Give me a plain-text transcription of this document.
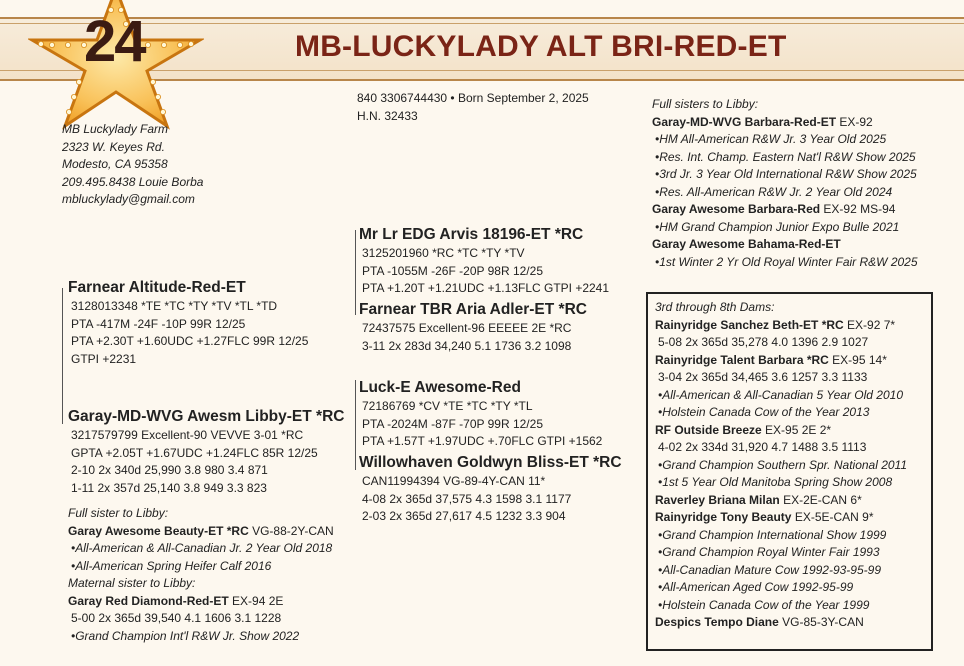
MB-LUCKYLADY ALT BRI-RED-ET
24
MB Luckylady Farm
2323 W. Keyes Rd.
Modesto, CA 95358
209.495.8438 Louie Borba
mbluckylady@gmail.com
840 3306744430 • Born September 2, 2025
H.N. 32433
Farnear Altitude-Red-ET
3128013348 *TE *TC *TY *TV *TL *TD
PTA -417M -24F -10P 99R 12/25
PTA +2.30T +1.60UDC +1.27FLC 99R 12/25
GTPI +2231
Garay-MD-WVG Awesm Libby-ET *RC
3217579799 Excellent-90 VEVVE 3-01 *RC
GPTA +2.05T +1.67UDC +1.24FLC 85R 12/25
2-10 2x 340d 25,990 3.8 980 3.4 871
1-11 2x 357d 25,140 3.8 949 3.3 823
Full sister to Libby:
Garay Awesome Beauty-ET *RC VG-88-2Y-CAN
•All-American & All-Canadian Jr. 2 Year Old 2018
•All-American Spring Heifer Calf 2016
Maternal sister to Libby:
Garay Red Diamond-Red-ET EX-94 2E
5-00 2x 365d 39,540 4.1 1606 3.1 1228
•Grand Champion Int'l R&W Jr. Show 2022
Mr Lr EDG Arvis 18196-ET *RC
3125201960 *RC *TC *TY *TV
PTA -1055M -26F -20P 98R 12/25
PTA +1.20T +1.21UDC +1.13FLC GTPI +2241
Farnear TBR Aria Adler-ET *RC
72437575 Excellent-96 EEEEE 2E *RC
3-11 2x 283d 34,240 5.1 1736 3.2 1098
Luck-E Awesome-Red
72186769 *CV *TE *TC *TY *TL
PTA -2024M -87F -70P 99R 12/25
PTA +1.57T +1.97UDC +.70FLC GTPI +1562
Willowhaven Goldwyn Bliss-ET *RC
CAN11994394 VG-89-4Y-CAN 11*
4-08 2x 365d 37,575 4.3 1598 3.1 1177
2-03 2x 365d 27,617 4.5 1232 3.3 904
Full sisters to Libby:
Garay-MD-WVG Barbara-Red-ET EX-92
•HM All-American R&W Jr. 3 Year Old 2025
•Res. Int. Champ. Eastern Nat'l R&W Show 2025
•3rd Jr. 3 Year Old International R&W Show 2025
•Res. All-American R&W Jr. 2 Year Old 2024
Garay Awesome Barbara-Red EX-92 MS-94
•HM Grand Champion Junior Expo Bulle 2021
Garay Awesome Bahama-Red-ET
•1st Winter 2 Yr Old Royal Winter Fair R&W 2025
3rd through 8th Dams:
Rainyridge Sanchez Beth-ET *RC EX-92 7*
5-08 2x 365d 35,278 4.0 1396 2.9 1027
Rainyridge Talent Barbara *RC EX-95 14*
3-04 2x 365d 34,465 3.6 1257 3.3 1133
•All-American & All-Canadian 5 Year Old 2010
•Holstein Canada Cow of the Year 2013
RF Outside Breeze EX-95 2E 2*
4-02 2x 334d 31,920 4.7 1488 3.5 1113
•Grand Champion Southern Spr. National 2011
•1st 5 Year Old Manitoba Spring Show 2008
Raverley Briana Milan EX-2E-CAN 6*
Rainyridge Tony Beauty EX-5E-CAN 9*
•Grand Champion International Show 1999
•Grand Champion Royal Winter Fair 1993
•All-Canadian Mature Cow 1992-93-95-99
•All-American Aged Cow 1992-95-99
•Holstein Canada Cow of the Year 1999
Despics Tempo Diane VG-85-3Y-CAN
